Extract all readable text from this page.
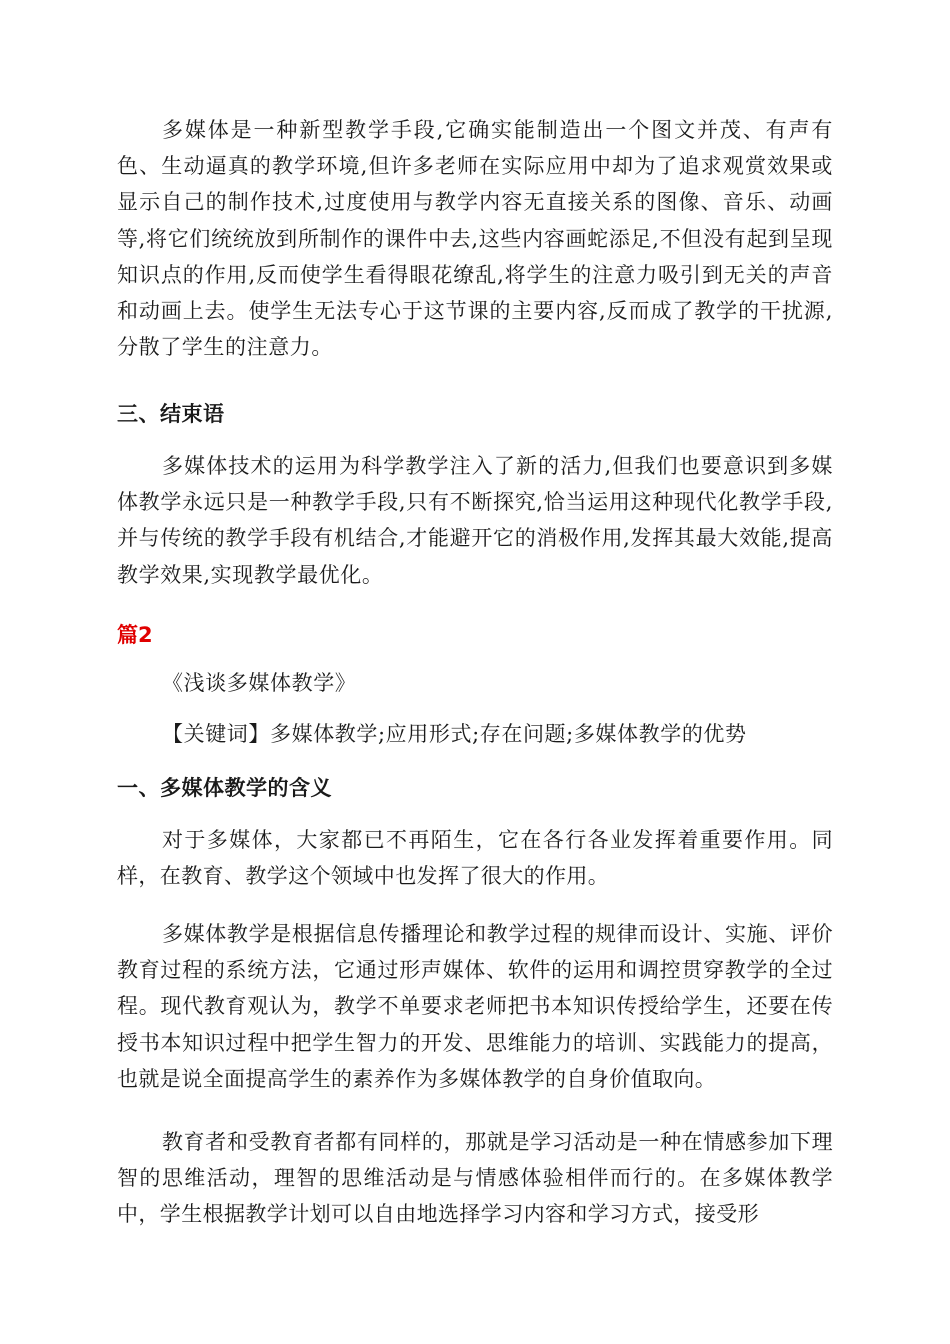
多媒体是一种新型教学手段,它确实能制造出一个图文并茂、有声有色、生动逼真的教学环境,但许多老师在实际应用中却为了追求观赏效果或显示自己的制作技术,过度使用与教学内容无直接关系的图像、音乐、动画等,将它们统统放到所制作的课件中去,这些内容画蛇添足,不但没有起到呈现知识点的作用,反而使学生看得眼花缭乱,将学生的注意力吸引到无关的声音和动画上去。使学生无法专心于这节课的主要内容,反而成了教学的干扰源,分散了学生的注意力。

三、结束语

多媒体技术的运用为科学教学注入了新的活力,但我们也要意识到多媒体教学永远只是一种教学手段,只有不断探究,恰当运用这种现代化教学手段,并与传统的教学手段有机结合,才能避开它的消极作用,发挥其最大效能,提高教学效果,实现教学最优化。

篇2
《浅谈多媒体教学》
【关键词】多媒体教学;应用形式;存在问题;多媒体教学的优势
一、多媒体教学的含义

对于多媒体，大家都已不再陌生，它在各行各业发挥着重要作用。同样，在教育、教学这个领域中也发挥了很大的作用。

多媒体教学是根据信息传播理论和教学过程的规律而设计、实施、评价教育过程的系统方法，它通过形声媒体、软件的运用和调控贯穿教学的全过程。现代教育观认为，教学不单要求老师把书本知识传授给学生，还要在传授书本知识过程中把学生智力的开发、思维能力的培训、实践能力的提高，也就是说全面提高学生的素养作为多媒体教学的自身价值取向。

教育者和受教育者都有同样的，那就是学习活动是一种在情感参加下理智的思维活动，理智的思维活动是与情感体验相伴而行的。在多媒体教学中，学生根据教学计划可以自由地选择学习内容和学习方式，接受形
